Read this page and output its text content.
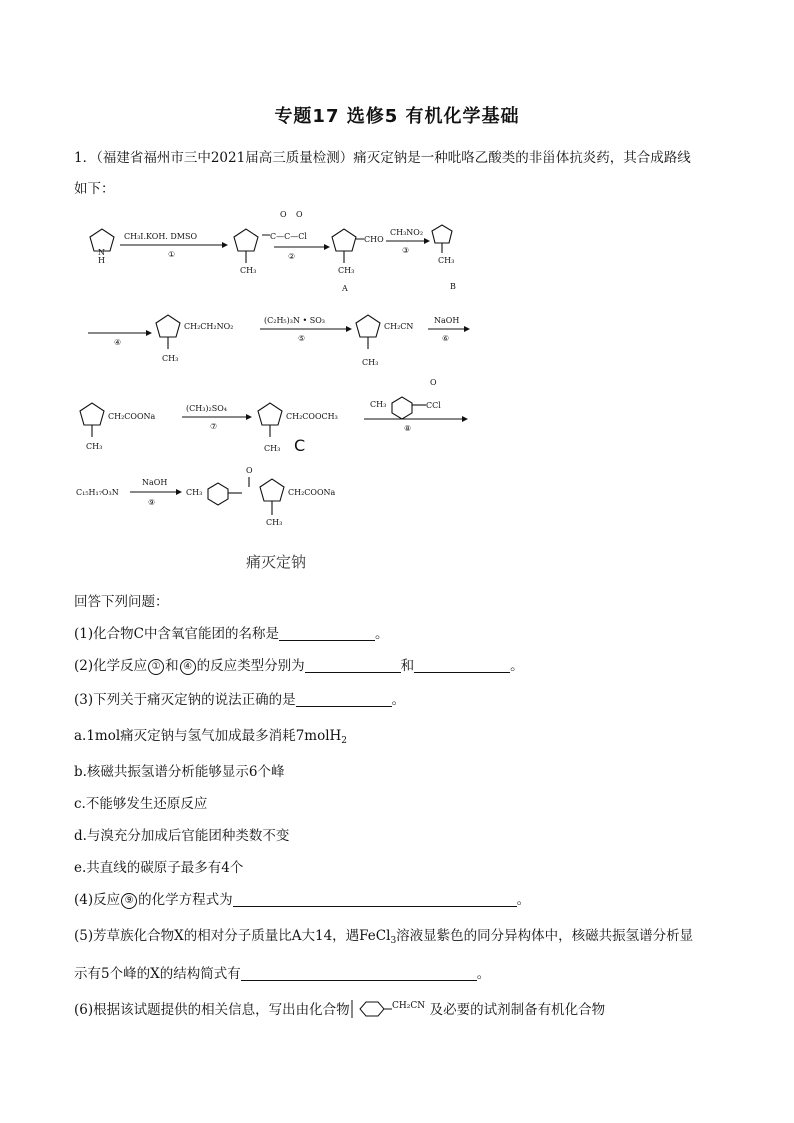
专题17 选修5 有机化学基础
1．（福建省福州市三中2021届高三质量检测）痛灭定钠是一种吡咯乙酸类的非甾体抗炎药，其合成路线
如下：
H
N
CH₃I.KOH. DMSO
①
CH₃
C—C—Cl
O O
②
CH₃
CHO
A
CH₃NO₂
③
CH₃
B
④
CH₃
CH₂CH₂NO₂
(C₂H₅)₃N • SO₃
⑤
CH₃
CH₂CN
NaOH
⑥
CH₃
CH₂COONa
(CH₃)₂SO₄
⑦
CH₃
CH₂COOCH₃
C
CH₃	CCl
O
⑧
C₁₅H₁₇O₃N
NaOH
⑨
CH₃
O
CH₃
CH₂COONa
痛灭定钠
回答下列问题：
(1)化合物C中含氧官能团的名称是	。
(2)化学反应 ① 和 ④ 的反应类型分别为	和	。
(3)下列关于痛灭定钠的说法正确的是	。
a.1mol痛灭定钠与氢气加成最多消耗7molH$_2$
b.核磁共振氢谱分析能够显示6个峰
c.不能够发生还原反应
d.与溴充分加成后官能团种类数不变
e.共直线的碳原子最多有4个
(4)反应 ⑨ 的化学方程式为	。
(5)芳草族化合物X的相对分子质量比A大14，遇FeCl$_3$溶液显紫色的同分异构体中，核磁共振氢谱分析显
示有5个峰的X的结构简式有	。
(6)根据该试题提供的相关信息，写出由化合物	CH₂CN 及必要的试剂制备有机化合物
